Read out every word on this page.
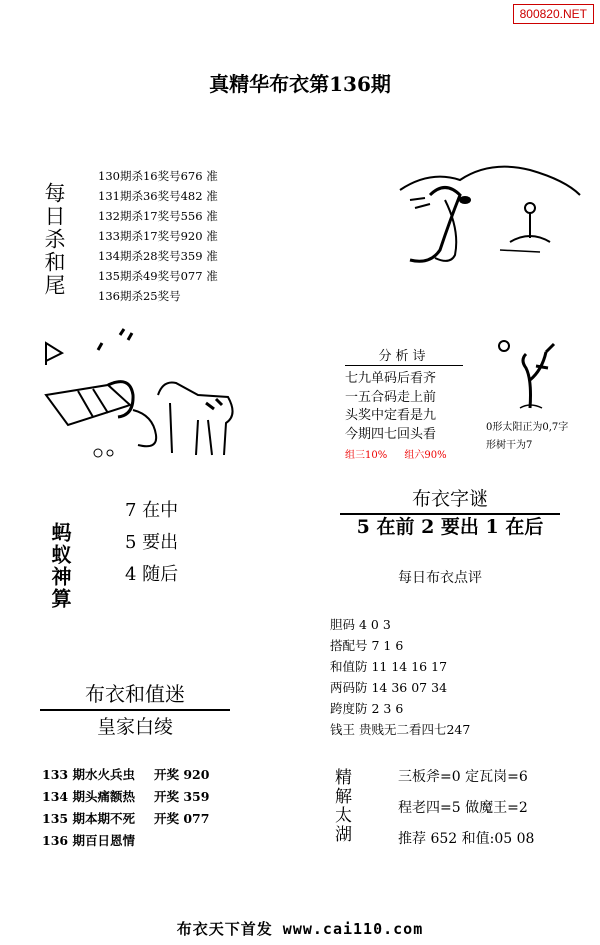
800820.NET
真精华布衣第136期
每日杀和尾
130期杀16奖号676 准
131期杀36奖号482 准
132期杀17奖号556 准
133期杀17奖号920 准
134期杀28奖号359 准
135期杀49奖号077 准
136期杀25奖号
分析诗
七九单码后看齐
一五合码走上前
头奖中定看是九
今期四七回头看
组三10% 组六90%
0形太阳正为0,7字
形树干为7
蚂蚁神算
7 在中
5 要出
4 随后
布衣字谜
5 在前 2 要出 1 在后
每日布衣点评
胆码 4 0 3
搭配号 7 1 6
和值防 11 14 16 17
两码防 14 36 07 34
跨度防 2 3 6
钱王 贵贱无二看四七247
布衣和值迷
皇家白绫
133 期水火兵虫 开奖 920
134 期头痛额热 开奖 359
135 期本期不死 开奖 077
136 期百日恩情	精解太湖	三板斧=0 定瓦岗=6
程老四=5 做魔王=2
推荐 652 和值:05 08
布衣天下首发 www.cai110.com
